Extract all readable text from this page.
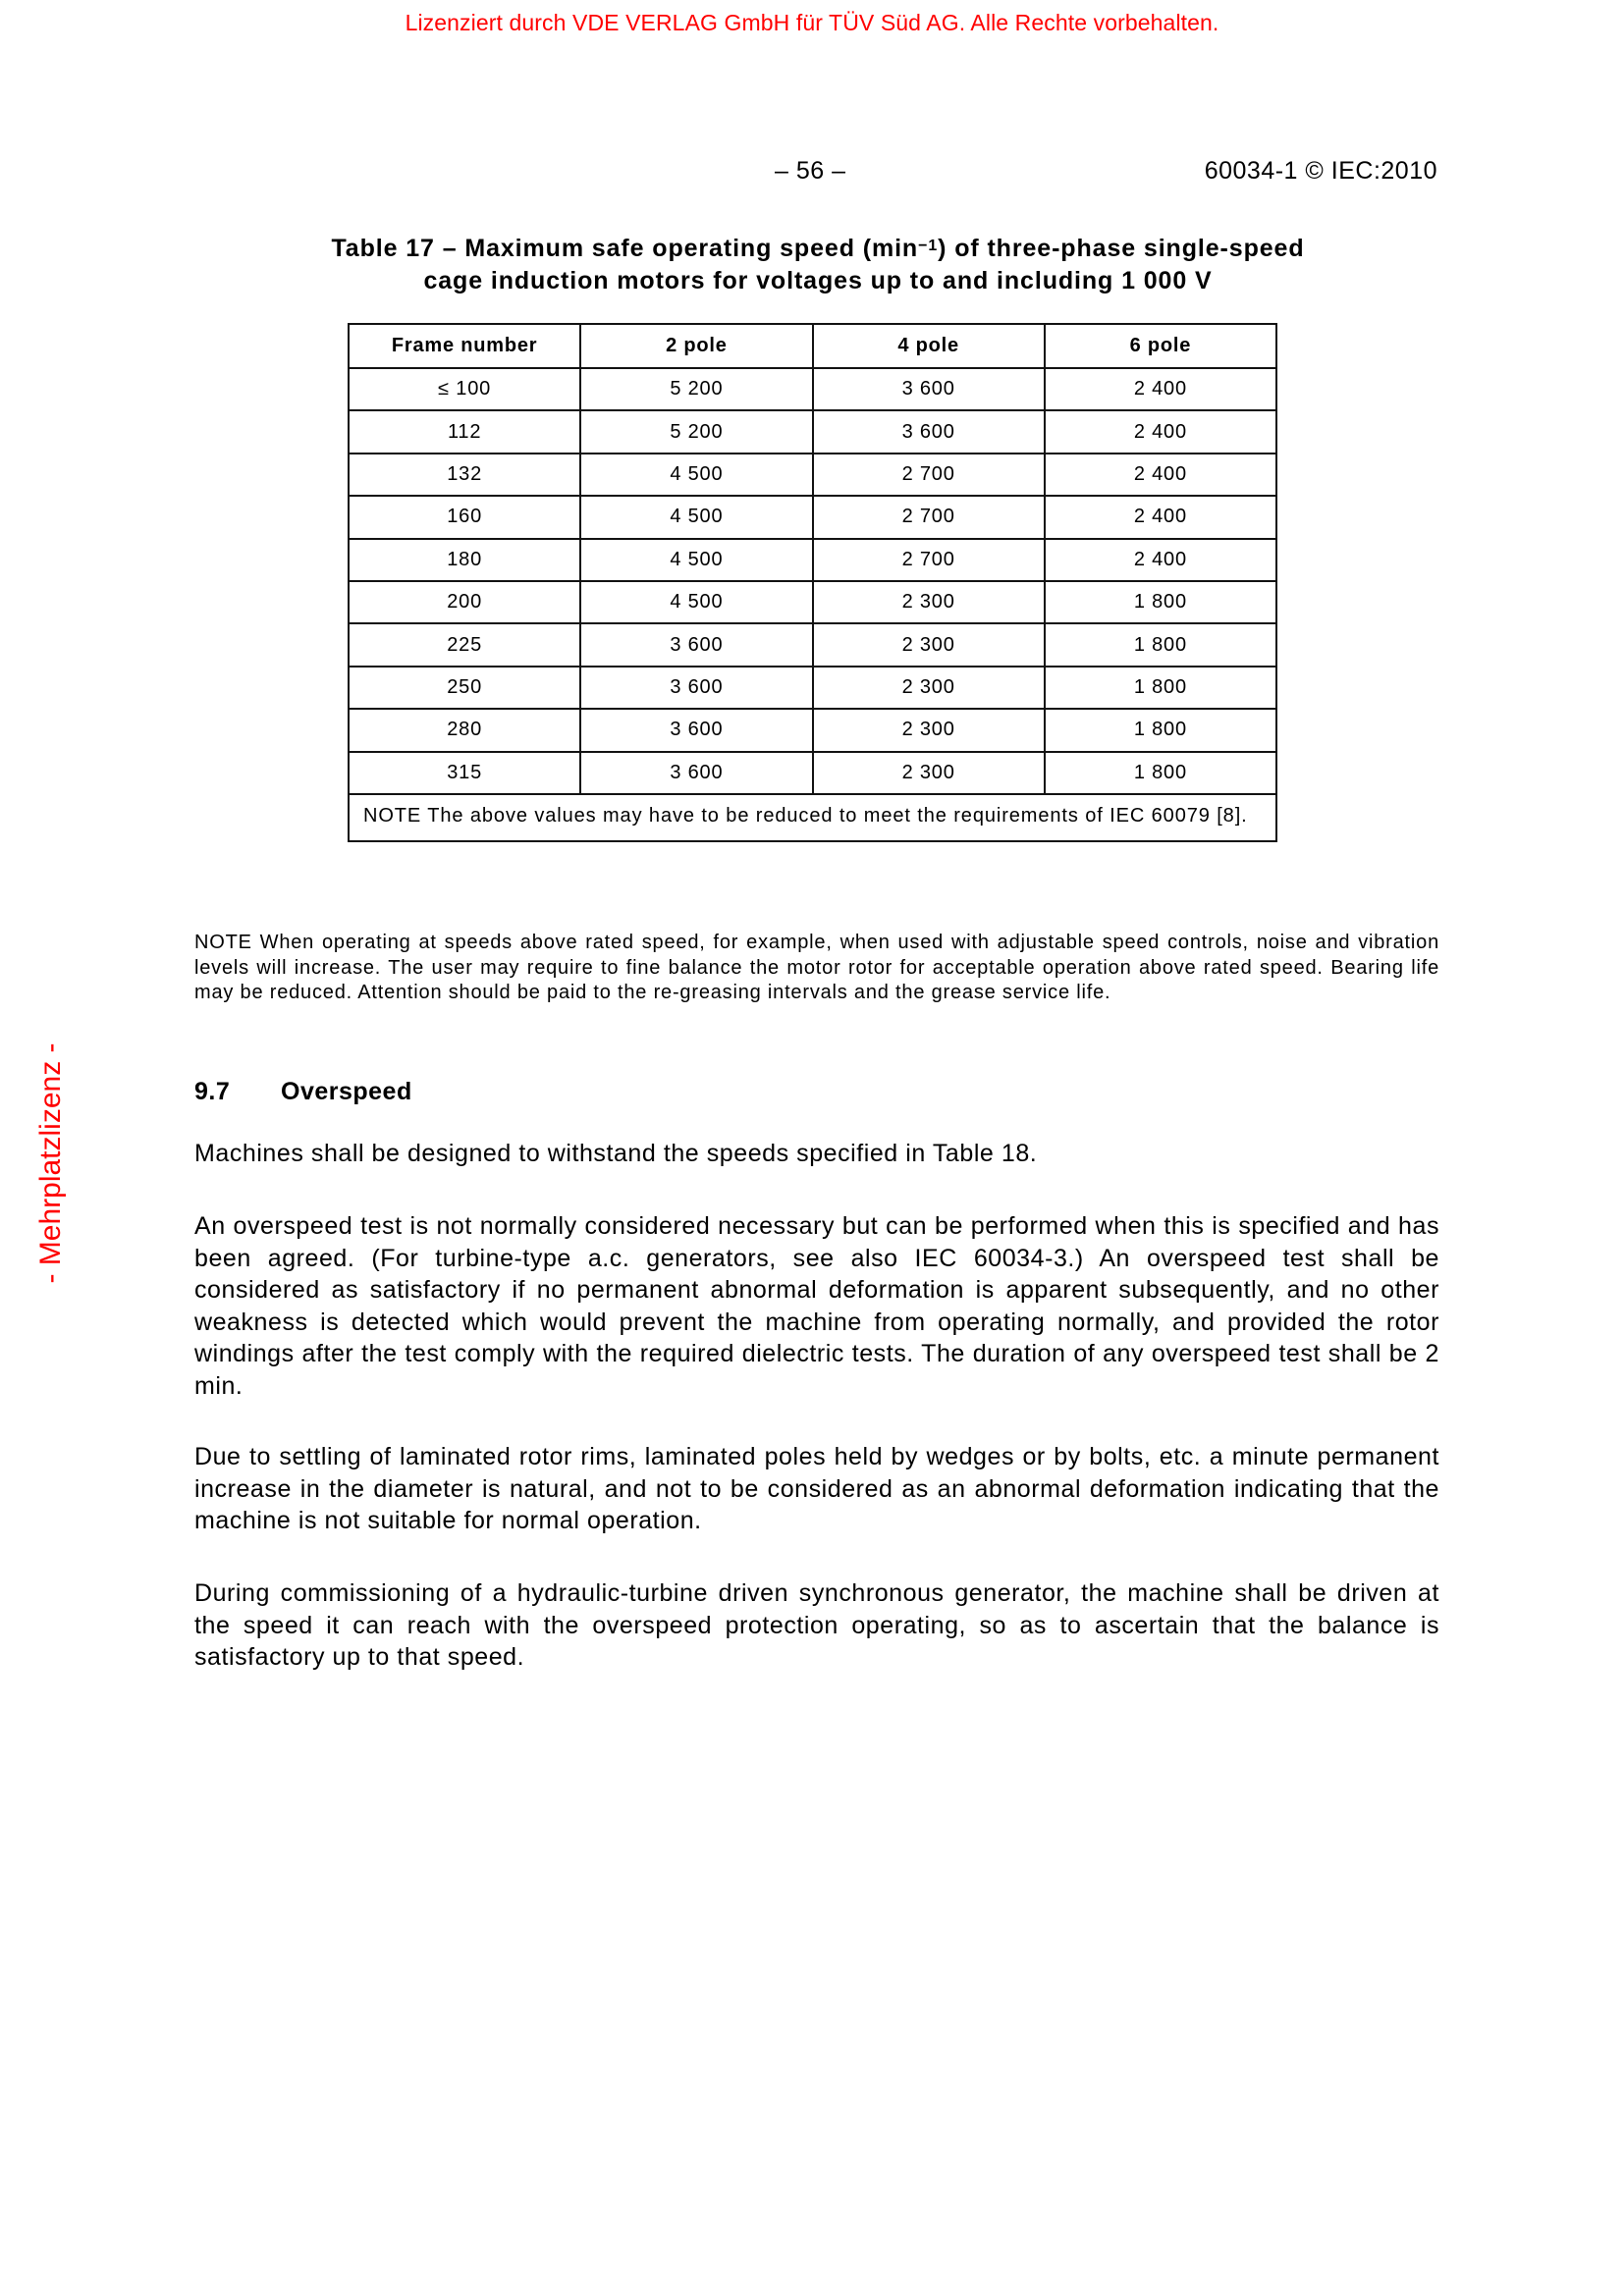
Lizenziert durch VDE VERLAG GmbH für TÜV Süd AG. Alle Rechte vorbehalten.
- Mehrplatzlizenz -
– 56 –	60034-1 © IEC:2010
Table 17 – Maximum safe operating speed $(\min^{-1})$ of three-phase single-speed
cage induction motors for voltages up to and including 1 000 V
Frame number	2 pole	4 pole	6 pole
≤ 100	5 200	3 600	2 400
112	5 200	3 600	2 400
132	4 500	2 700	2 400
160	4 500	2 700	2 400
180	4 500	2 700	2 400
200	4 500	2 300	1 800
225	3 600	2 300	1 800
250	3 600	2 300	1 800
280	3 600	2 300	1 800
315	3 600	2 300	1 800
NOTE The above values may have to be reduced to meet the requirements of IEC 60079 [8].			
NOTE When operating at speeds above rated speed, for example, when used with adjustable speed controls, noise and vibration levels will increase. The user may require to fine balance the motor rotor for acceptable operation above rated speed. Bearing life may be reduced. Attention should be paid to the re-greasing intervals and the grease service life.
9.7 Overspeed
Machines shall be designed to withstand the speeds specified in Table 18.
An overspeed test is not normally considered necessary but can be performed when this is specified and has been agreed. (For turbine-type a.c. generators, see also IEC 60034-3.) An overspeed test shall be considered as satisfactory if no permanent abnormal deformation is apparent subsequently, and no other weakness is detected which would prevent the machine from operating normally, and provided the rotor windings after the test comply with the required dielectric tests. The duration of any overspeed test shall be 2 min.
Due to settling of laminated rotor rims, laminated poles held by wedges or by bolts, etc. a minute permanent increase in the diameter is natural, and not to be considered as an abnormal deformation indicating that the machine is not suitable for normal operation.
During commissioning of a hydraulic-turbine driven synchronous generator, the machine shall be driven at the speed it can reach with the overspeed protection operating, so as to ascertain that the balance is satisfactory up to that speed.
